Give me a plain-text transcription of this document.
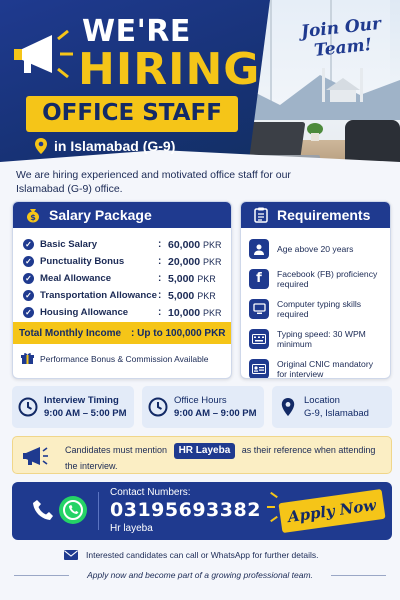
WE'RE
HIRING
OFFICE STAFF
in Islamabad (G-9)
Join Our Team!
We are hiring experienced and motivated office staff for our Islamabad (G-9) office.
$ Salary Package
✓ Basic Salary	: 60,000 PKR
✓ Punctuality Bonus	: 20,000 PKR
✓ Meal Allowance	: 5,000 PKR
✓ Transportation Allowance : 5,000 PKR
✓ Housing Allowance	: 10,000 PKR
Total Monthly Income : Up to 100,000 PKR
Performance Bonus & Commission Available
Requirements
Age above 20 years
f Facebook (FB) proficiency required
Computer typing skills required
Typing speed: 30 WPM minimum
Original CNIC mandatory for interview
Interview Timing
9:00 AM – 5:00 PM
Office Hours
9:00 AM – 9:00 PM
Location
G-9, Islamabad
Candidates must mention HR Layeba as their reference when attending the interview.
Contact Numbers:
03195693382
Hr layeba
Apply Now
Interested candidates can call or WhatsApp for further details.
Apply now and become part of a growing professional team.
